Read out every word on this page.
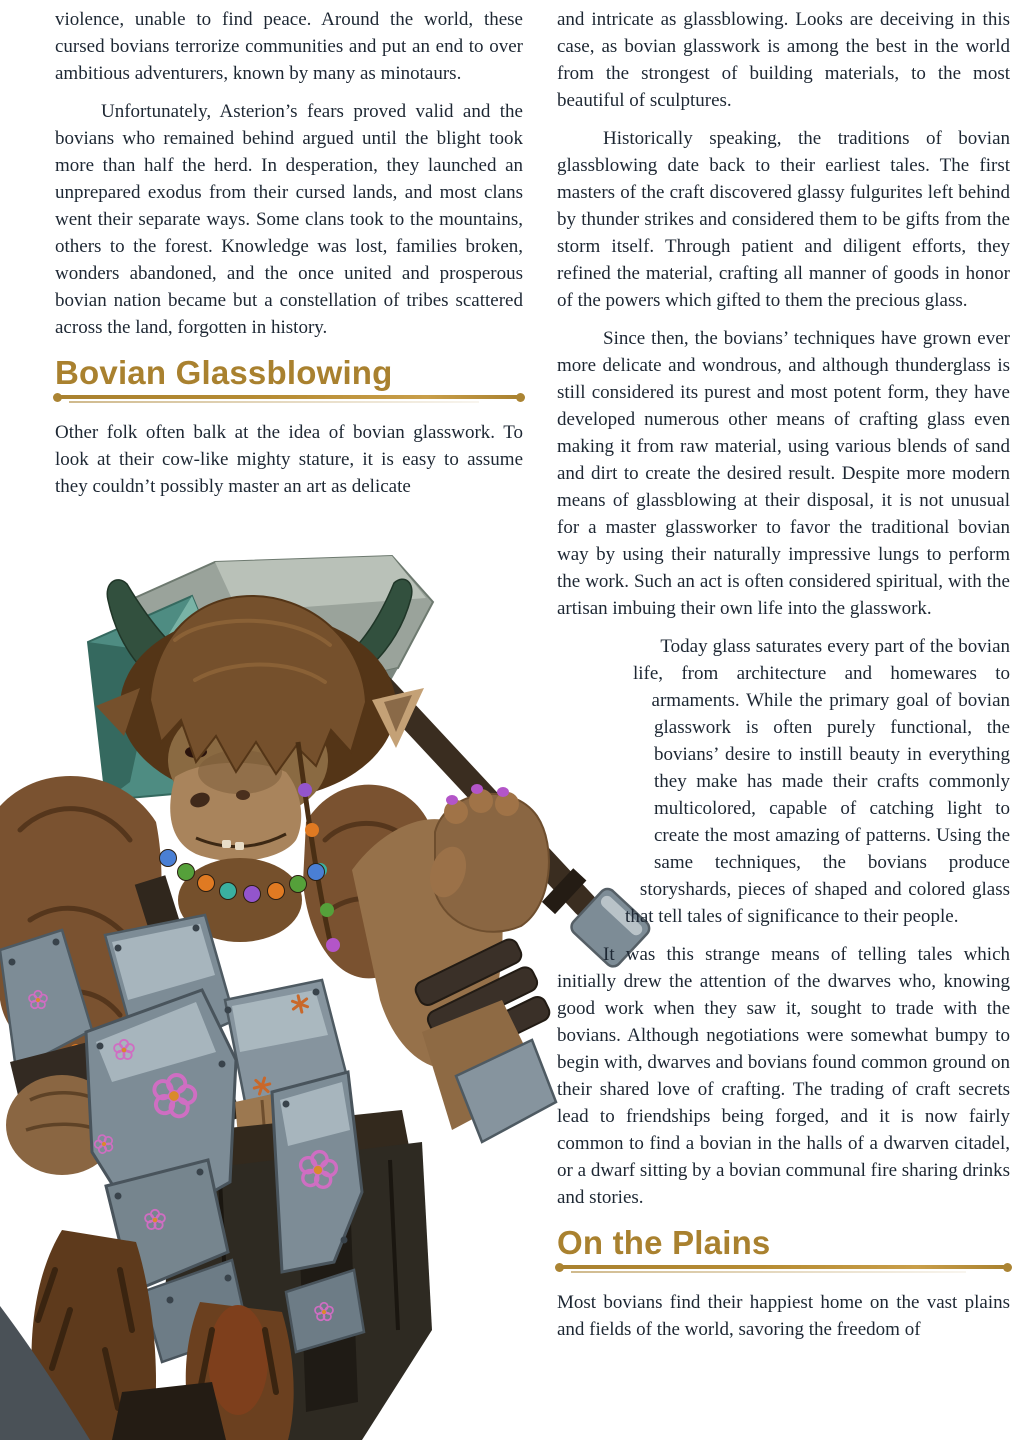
violence, unable to find peace. Around the world, these cursed bovians terrorize communities and put an end to over ambitious adventurers, known by many as minotaurs.

Unfortunately, Asterion’s fears proved valid and the bovians who remained behind argued until the blight took more than half the herd. In desperation, they launched an unprepared exodus from their cursed lands, and most clans went their separate ways. Some clans took to the mountains, others to the forest. Knowledge was lost, families broken, wonders abandoned, and the once united and prosperous bovian nation became but a constellation of tribes scattered across the land, forgotten in history.

Bovian Glassblowing

Other folk often balk at the idea of bovian glasswork. To look at their cow-like mighty stature, it is easy to assume they couldn’t possibly master an art as delicate

and intricate as glassblowing. Looks are deceiving in this case, as bovian glasswork is among the best in the world from the strongest of building materials, to the most beautiful of sculptures.

Historically speaking, the traditions of bovian glassblowing date back to their earliest tales. The first masters of the craft discovered glassy fulgurites left behind by thunder strikes and considered them to be gifts from the storm itself. Through patient and diligent efforts, they refined the material, crafting all manner of goods in honor of the powers which gifted to them the precious glass.

Since then, the bovians’ techniques have grown ever more delicate and wondrous, and although thunderglass is still considered its purest and most potent form, they have developed numerous other means of crafting glass even making it from raw material, using various blends of sand and dirt to create the desired result. Despite more modern means of glassblowing at their disposal, it is not unusual for a master glassworker to favor the traditional bovian way by using their naturally impressive lungs to perform the work. Such an act is often considered spiritual, with the artisan imbuing their own life into the glasswork.

Today glass saturates every part of the bovian life, from architecture and homewares to armaments. While the primary goal of bovian glasswork is often purely functional, the bovians’ desire to instill beauty in everything they make has made their crafts commonly multicolored, capable of catching light to create the most amazing of patterns. Using the same techniques, the bovians produce storyshards, pieces of shaped and colored glass that tell tales of significance to their people.

It was this strange means of telling tales which initially drew the attention of the dwarves who, knowing good work when they saw it, sought to trade with the bovians. Although negotiations were somewhat bumpy to begin with, dwarves and bovians found common ground on their shared love of crafting. The trading of craft secrets lead to friendships being forged, and it is now fairly common to find a bovian in the halls of a dwarven citadel, or a dwarf sitting by a bovian communal fire sharing drinks and stories.

On the Plains

Most bovians find their happiest home on the vast plains and fields of the world, savoring the freedom of
